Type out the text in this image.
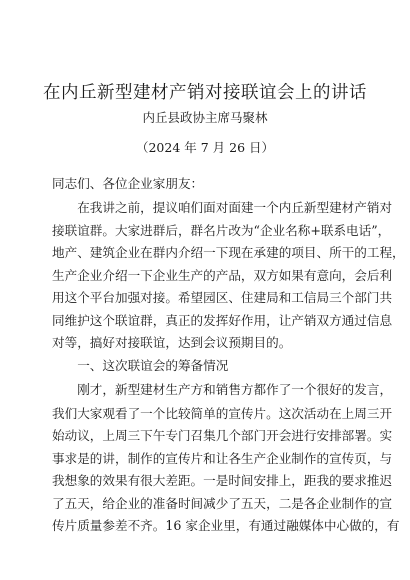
在内丘新型建材产销对接联谊会上的讲话
内丘县政协主席马聚林
（2024 年 7 月 26 日）
同志们、各位企业家朋友：
　　在我讲之前，提议咱们面对面建一个内丘新型建材产销对
接联谊群。大家进群后，群名片改为“企业名称+联系电话”，
地产、建筑企业在群内介绍一下现在承建的项目、所干的工程，
生产企业介绍一下企业生产的产品，双方如果有意向，会后利
用这个平台加强对接。希望园区、住建局和工信局三个部门共
同维护这个联谊群，真正的发挥好作用，让产销双方通过信息
对等，搞好对接联谊，达到会议预期目的。
　　一、这次联谊会的筹备情况
　　刚才，新型建材生产方和销售方都作了一个很好的发言，
我们大家观看了一个比较简单的宣传片。这次活动在上周三开
始动议，上周三下午专门召集几个部门开会进行安排部署。实
事求是的讲，制作的宣传片和让各生产企业制作的宣传页，与
我想象的效果有很大差距。一是时间安排上，距我的要求推迟
了五天，给企业的准备时间减少了五天，二是各企业制作的宣
传片质量参差不齐。16 家企业里，有通过融媒体中心做的，有
